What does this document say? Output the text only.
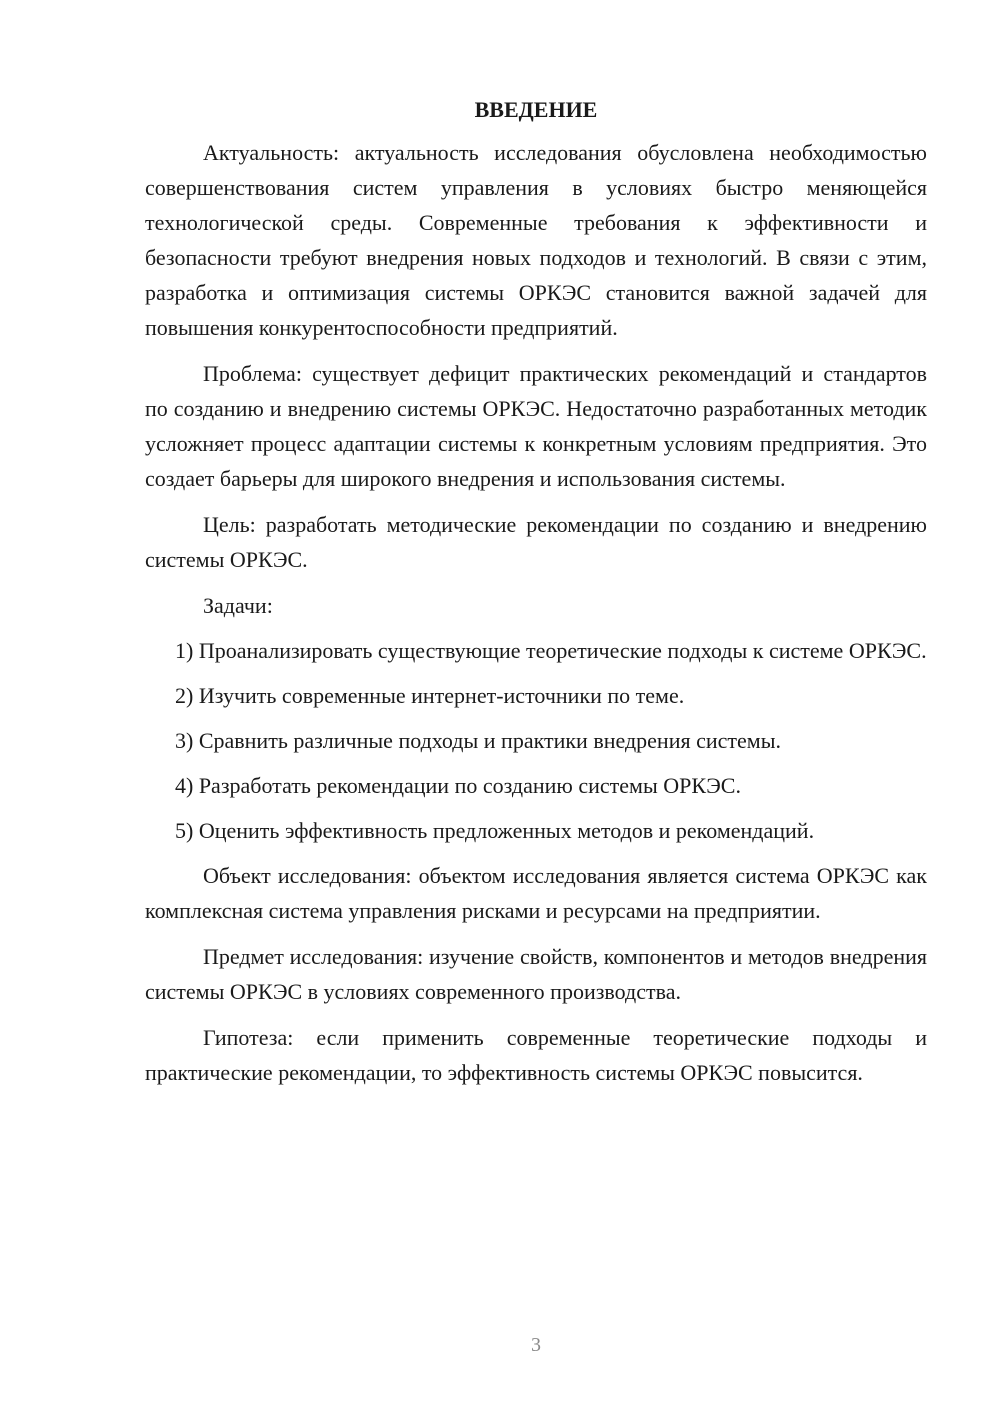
ВВЕДЕНИЕ

Актуальность: актуальность исследования обусловлена необходимостью совершенствования систем управления в условиях быстро меняющейся технологической среды. Современные требования к эффективности и безопасности требуют внедрения новых подходов и технологий. В связи с этим, разработка и оптимизация системы ОРКЭС становится важной задачей для повышения конкурентоспособности предприятий.

Проблема: существует дефицит практических рекомендаций и стандартов по созданию и внедрению системы ОРКЭС. Недостаточно разработанных методик усложняет процесс адаптации системы к конкретным условиям предприятия. Это создает барьеры для широкого внедрения и использования системы.

Цель: разработать методические рекомендации по созданию и внедрению системы ОРКЭС.

Задачи:

1) Проанализировать существующие теоретические подходы к системе ОРКЭС.

2) Изучить современные интернет-источники по теме.

3) Сравнить различные подходы и практики внедрения системы.

4) Разработать рекомендации по созданию системы ОРКЭС.

5) Оценить эффективность предложенных методов и рекомендаций.

Объект исследования: объектом исследования является система ОРКЭС как комплексная система управления рисками и ресурсами на предприятии.

Предмет исследования: изучение свойств, компонентов и методов внедрения системы ОРКЭС в условиях современного производства.

Гипотеза: если применить современные теоретические подходы и практические рекомендации, то эффективность системы ОРКЭС повысится.

3
